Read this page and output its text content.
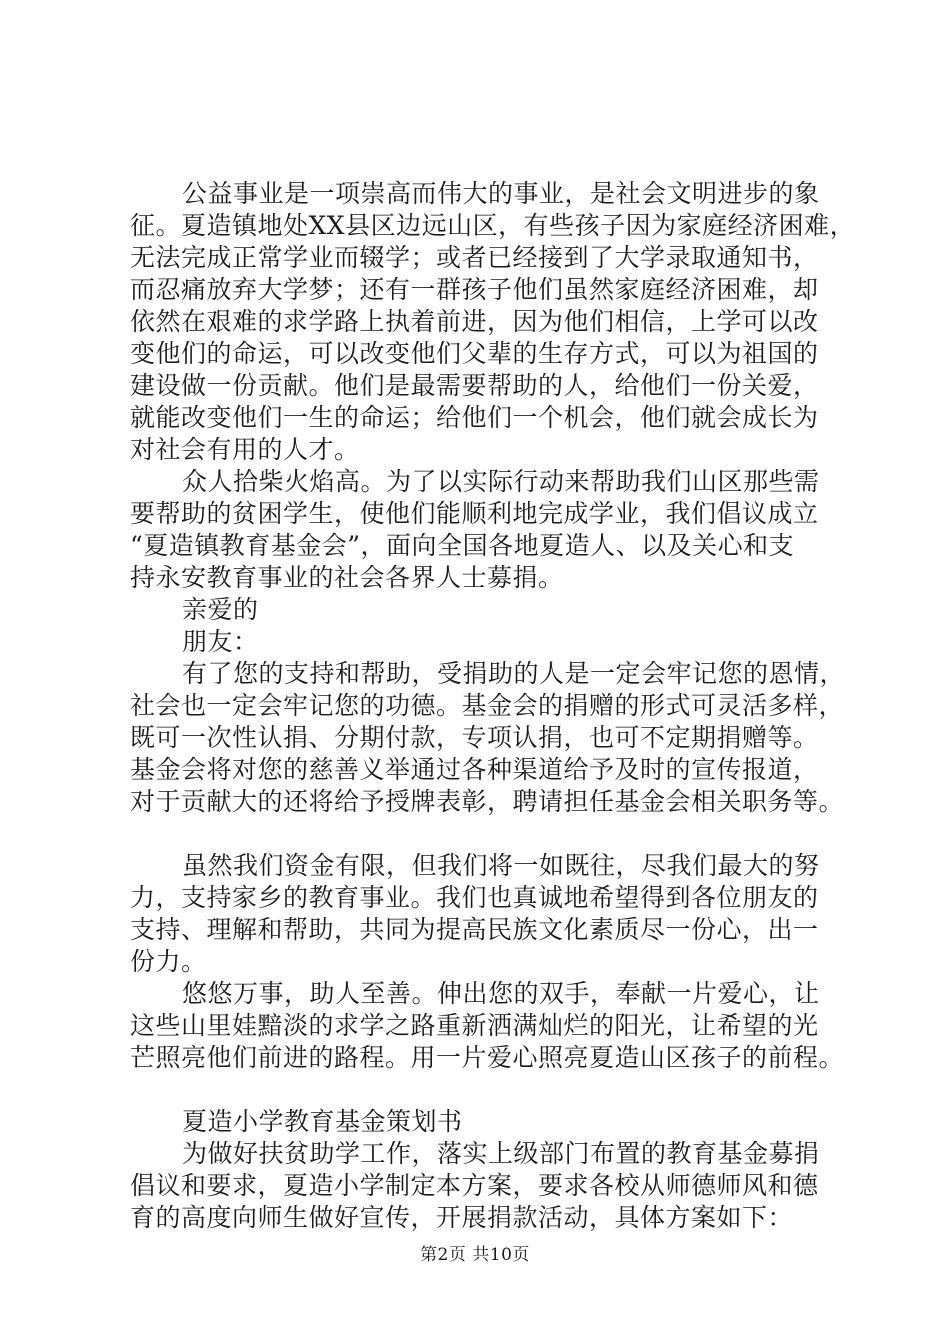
公益事业是一项崇高而伟大的事业，是社会文明进步的象
征。夏造镇地处XX县区边远山区，有些孩子因为家庭经济困难，
无法完成正常学业而辍学；或者已经接到了大学录取通知书，
而忍痛放弃大学梦；还有一群孩子他们虽然家庭经济困难，却
依然在艰难的求学路上执着前进，因为他们相信，上学可以改
变他们的命运，可以改变他们父辈的生存方式，可以为祖国的
建设做一份贡献。他们是最需要帮助的人，给他们一份关爱，
就能改变他们一生的命运；给他们一个机会，他们就会成长为
对社会有用的人才。
众人拾柴火焰高。为了以实际行动来帮助我们山区那些需
要帮助的贫困学生，使他们能顺利地完成学业，我们倡议成立
“夏造镇教育基金会”，面向全国各地夏造人、以及关心和支
持永安教育事业的社会各界人士募捐。
亲爱的
朋友：
有了您的支持和帮助，受捐助的人是一定会牢记您的恩情，
社会也一定会牢记您的功德。基金会的捐赠的形式可灵活多样，
既可一次性认捐、分期付款，专项认捐，也可不定期捐赠等。
基金会将对您的慈善义举通过各种渠道给予及时的宣传报道，
对于贡献大的还将给予授牌表彰，聘请担任基金会相关职务等。
虽然我们资金有限，但我们将一如既往，尽我们最大的努
力，支持家乡的教育事业。我们也真诚地希望得到各位朋友的
支持、理解和帮助，共同为提高民族文化素质尽一份心，出一
份力。
悠悠万事，助人至善。伸出您的双手，奉献一片爱心，让
这些山里娃黯淡的求学之路重新洒满灿烂的阳光，让希望的光
芒照亮他们前进的路程。用一片爱心照亮夏造山区孩子的前程。
夏造小学教育基金策划书
为做好扶贫助学工作，落实上级部门布置的教育基金募捐
倡议和要求，夏造小学制定本方案，要求各校从师德师风和德
育的高度向师生做好宣传，开展捐款活动，具体方案如下：
第2页 共10页
